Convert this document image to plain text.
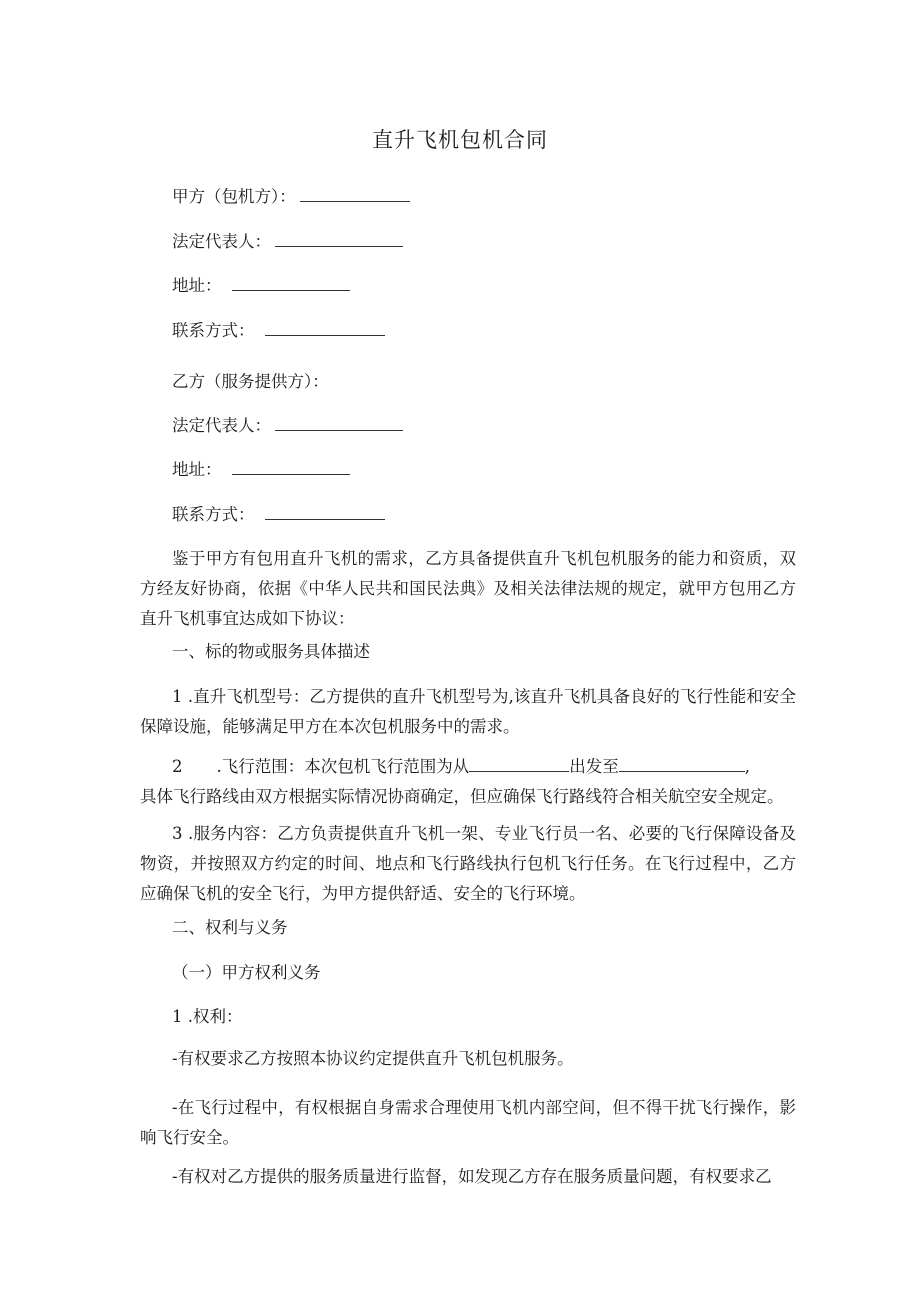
直升飞机包机合同
甲方（包机方）：
法定代表人：
地址：
联系方式：
乙方（服务提供方）：
法定代表人：
地址：
联系方式：
鉴于甲方有包用直升飞机的需求，乙方具备提供直升飞机包机服务的能力和资质，双方经友好协商，依据《中华人民共和国民法典》及相关法律法规的规定，就甲方包用乙方直升飞机事宜达成如下协议：
一、标的物或服务具体描述
1 .直升飞机型号：乙方提供的直升飞机型号为,该直升飞机具备良好的飞行性能和安全保障设施，能够满足甲方在本次包机服务中的需求。
2 .飞行范围：本次包机飞行范围为从	出发至	,
具体飞行路线由双方根据实际情况协商确定，但应确保飞行路线符合相关航空安全规定。
3 .服务内容：乙方负责提供直升飞机一架、专业飞行员一名、必要的飞行保障设备及物资，并按照双方约定的时间、地点和飞行路线执行包机飞行任务。在飞行过程中，乙方应确保飞机的安全飞行，为甲方提供舒适、安全的飞行环境。
二、权利与义务
（一）甲方权利义务
1 .权利：
-有权要求乙方按照本协议约定提供直升飞机包机服务。
-在飞行过程中，有权根据自身需求合理使用飞机内部空间，但不得干扰飞行操作，影响飞行安全。
-有权对乙方提供的服务质量进行监督，如发现乙方存在服务质量问题，有权要求乙
